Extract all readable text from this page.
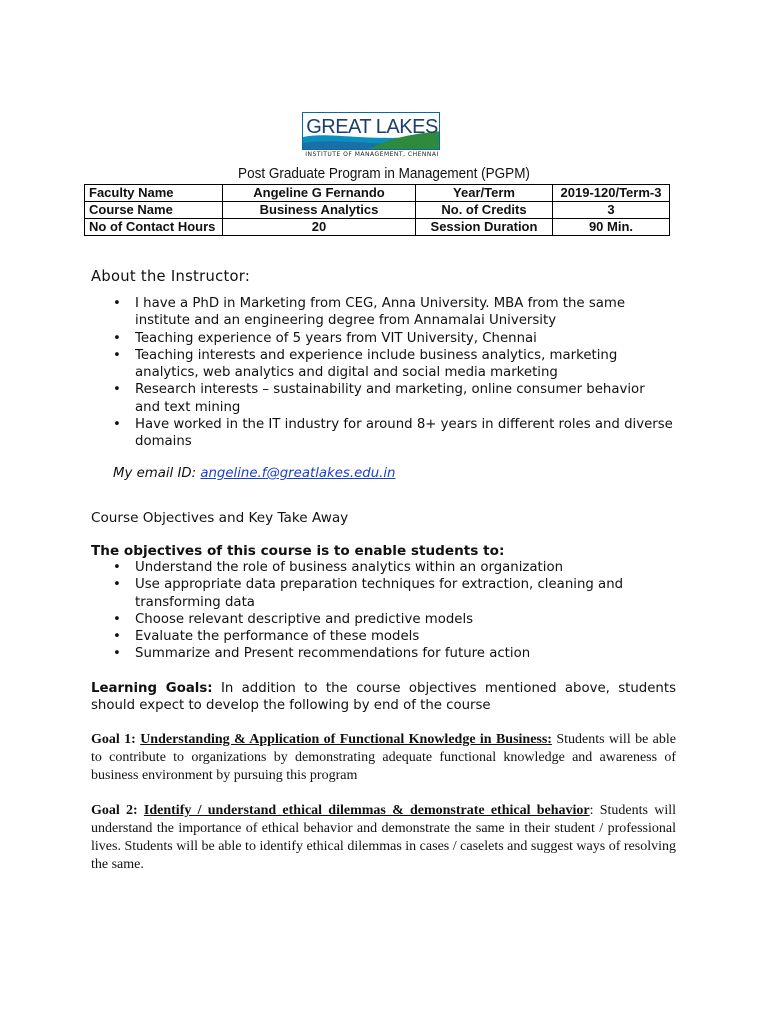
GREAT LAKES
INSTITUTE OF MANAGEMENT, CHENNAI
Post Graduate Program in Management (PGPM)
Faculty Name	Angeline G Fernando	Year/Term	2019-120/Term-3
Course Name	Business Analytics	No. of Credits	3
No of Contact Hours	20	Session Duration	90 Min.
About the Instructor:
• I have a PhD in Marketing from CEG, Anna University. MBA from the same institute and an engineering degree from Annamalai University
• Teaching experience of 5 years from VIT University, Chennai
• Teaching interests and experience include business analytics, marketing analytics, web analytics and digital and social media marketing
• Research interests – sustainability and marketing, online consumer behavior and text mining
• Have worked in the IT industry for around 8+ years in different roles and diverse domains
My email ID: angeline.f@greatlakes.edu.in
Course Objectives and Key Take Away
The objectives of this course is to enable students to:
• Understand the role of business analytics within an organization
• Use appropriate data preparation techniques for extraction, cleaning and transforming data
• Choose relevant descriptive and predictive models
• Evaluate the performance of these models
• Summarize and Present recommendations for future action

Learning Goals: In addition to the course objectives mentioned above, students should expect to develop the following by end of the course

Goal 1: Understanding & Application of Functional Knowledge in Business: Students will be able to contribute to organizations by demonstrating adequate functional knowledge and awareness of business environment by pursuing this program

Goal 2: Identify / understand ethical dilemmas & demonstrate ethical behavior: Students will understand the importance of ethical behavior and demonstrate the same in their student / professional lives. Students will be able to identify ethical dilemmas in cases / caselets and suggest ways of resolving the same.
